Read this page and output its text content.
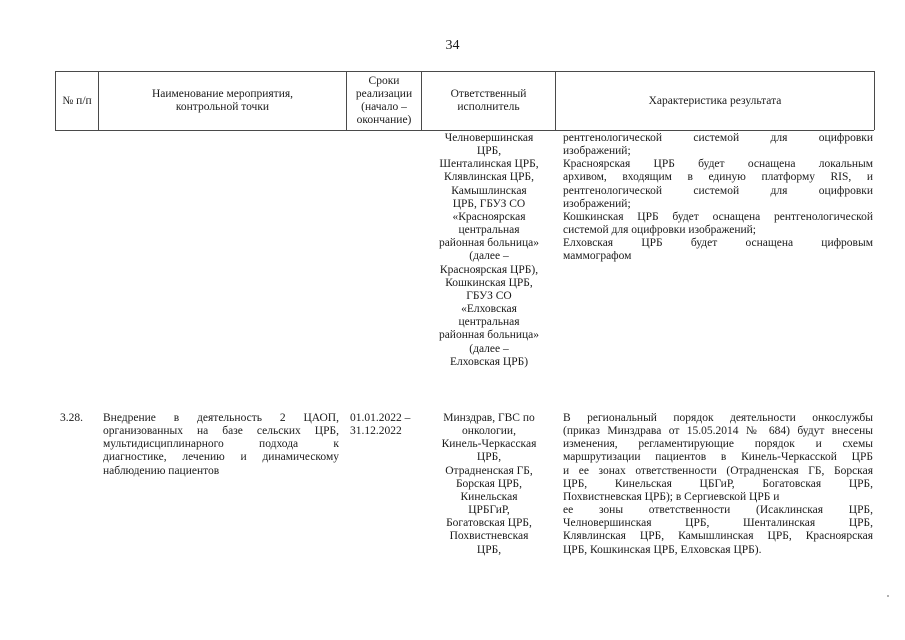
34
№ п/п
Наименование мероприятия,
контрольной точки
Сроки
реализации
(начало –
окончание)
Ответственный
исполнитель
Характеристика результата
Челновершинская
ЦРБ,
Шенталинская ЦРБ,
Клявлинская ЦРБ,
Камышлинская
ЦРБ, ГБУЗ СО
«Красноярская
центральная
районная больница»
(далее –
Красноярская ЦРБ),
Кошкинская ЦРБ,
ГБУЗ СО
«Елховская
центральная
районная больница»
(далее –
Елховская ЦРБ)
рентгенологической системой для оцифровки
изображений;
Красноярская ЦРБ будет оснащена локальным
архивом, входящим в единую платформу RIS, и
рентгенологической системой для оцифровки
изображений;
Кошкинская ЦРБ будет оснащена рентгенологической
системой для оцифровки изображений;
Елховская ЦРБ будет оснащена цифровым
маммографом
3.28.	Внедрение в деятельность 2 ЦАОП,
организованных на базе сельских ЦРБ,
мультидисциплинарного подхода к
диагностике, лечению и динамическому
наблюдению пациентов
01.01.2022 –
31.12.2022
Минздрав, ГВС по
онкологии,
Кинель-Черкасская
ЦРБ,
Отрадненская ГБ,
Борская ЦРБ,
Кинельская
ЦРБГиР,
Богатовская ЦРБ,
Похвистневская
ЦРБ,
В региональный порядок деятельности онкослужбы
(приказ Минздрава от 15.05.2014 № 684) будут внесены
изменения, регламентирующие порядок и схемы
маршрутизации пациентов в Кинель-Черкасской ЦРБ
и ее зонах ответственности (Отрадненская ГБ, Борская
ЦРБ, Кинельская ЦБГиР, Богатовская ЦРБ,
Похвистневская ЦРБ); в Сергиевской ЦРБ и
ее зоны ответственности (Исаклинская ЦРБ,
Челновершинская ЦРБ, Шенталинская ЦРБ,
Клявлинская ЦРБ, Камышлинская ЦРБ, Красноярская
ЦРБ, Кошкинская ЦРБ, Елховская ЦРБ).
